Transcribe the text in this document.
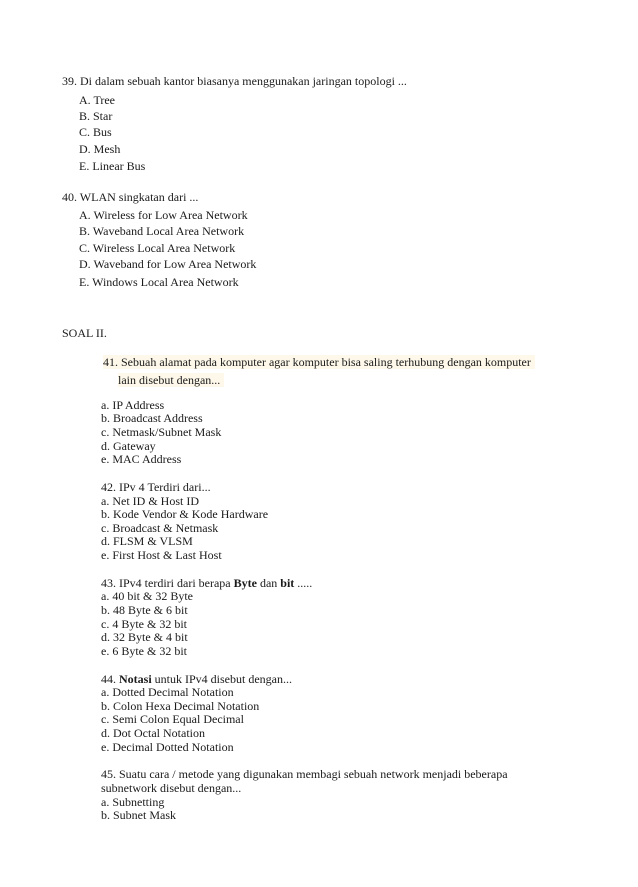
39. Di dalam sebuah kantor biasanya menggunakan jaringan topologi ...
A. Tree
B. Star
C. Bus
D. Mesh
E. Linear Bus
40. WLAN singkatan dari ...
A. Wireless for Low Area Network
B. Waveband Local Area Network
C. Wireless Local Area Network
D. Waveband for Low Area Network
E. Windows Local Area Network
SOAL II.
41. Sebuah alamat pada komputer agar komputer bisa saling terhubung dengan komputer
lain disebut dengan...
a. IP Address
b. Broadcast Address
c. Netmask/Subnet Mask
d. Gateway
e. MAC Address
42. IPv 4 Terdiri dari...
a. Net ID & Host ID
b. Kode Vendor & Kode Hardware
c. Broadcast & Netmask
d. FLSM & VLSM
e. First Host & Last Host
43. IPv4 terdiri dari berapa Byte dan bit .....
a. 40 bit & 32 Byte
b. 48 Byte & 6 bit
c. 4 Byte & 32 bit
d. 32 Byte & 4 bit
e. 6 Byte & 32 bit
44. Notasi untuk IPv4 disebut dengan...
a. Dotted Decimal Notation
b. Colon Hexa Decimal Notation
c. Semi Colon Equal Decimal
d. Dot Octal Notation
e. Decimal Dotted Notation
45. Suatu cara / metode yang digunakan membagi sebuah network menjadi beberapa
subnetwork disebut dengan...
a. Subnetting
b. Subnet Mask
